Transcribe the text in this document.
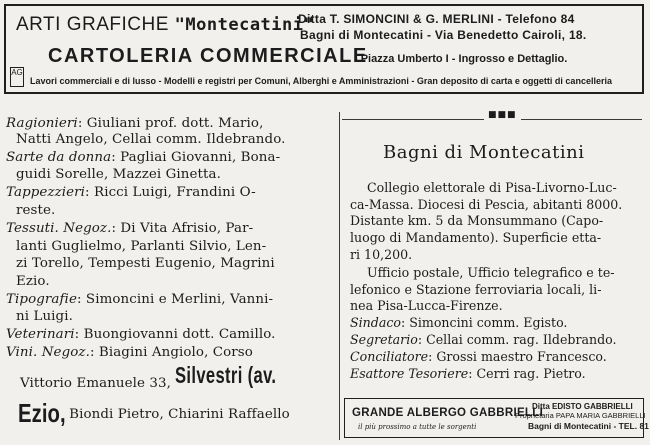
ARTI GRAFICHE "Montecatini"
Ditta T. SIMONCINI & G. MERLINI - Telefono 84
Bagni di Montecatini - Via Benedetto Cairoli, 18.
CARTOLERIA COMMERCIALE
- Piazza Umberto I - Ingrosso e Dettaglio.
AG
Lavori commerciali e di lusso - Modelli e registri per Comuni, Alberghi e Amministrazioni - Gran deposito di carta e oggetti di cancelleria
Ragionieri: Giuliani prof. dott. Mario,
Natti Angelo, Cellai comm. Ildebrando.
Sarte da donna: Pagliai Giovanni, Bona-
guidi Sorelle, Mazzei Ginetta.
Tappezzieri: Ricci Luigi, Frandini O-
reste.
Tessuti. Negoz.: Di Vita Afrisio, Par-
lanti Guglielmo, Parlanti Silvio, Len-
zi Torello, Tempesti Eugenio, Magrini
Ezio.
Tipografie: Simoncini e Merlini, Vanni-
ni Luigi.
Veterinari: Buongiovanni dott. Camillo.
Vini. Negoz.: Biagini Angiolo, Corso
Vittorio Emanuele 33, Silvestri (av.
Ezio, Biondi Pietro, Chiarini Raffaello
■■■
Bagni di Montecatini
Collegio elettorale di Pisa-Livorno-Luc-
ca-Massa. Diocesi di Pescia, abitanti 8000.
Distante km. 5 da Monsummano (Capo-
luogo di Mandamento). Superficie etta-
ri 10,200.
Ufficio postale, Ufficio telegrafico e te-
lefonico e Stazione ferroviaria locali, li-
nea Pisa-Lucca-Firenze.
Sindaco: Simoncini comm. Egisto.
Segretario: Cellai comm. rag. Ildebrando.
Conciliatore: Grossi maestro Francesco.
Esattore Tesoriere: Cerri rag. Pietro.
GRANDE ALBERGO GABBRIELLI
il più prossimo a tutte le sorgenti
Ditta EDISTO GABBRIELLI
Proprietaria PAPA MARIA GABBRIELLI
Bagni di Montecatini - TEL. 81
